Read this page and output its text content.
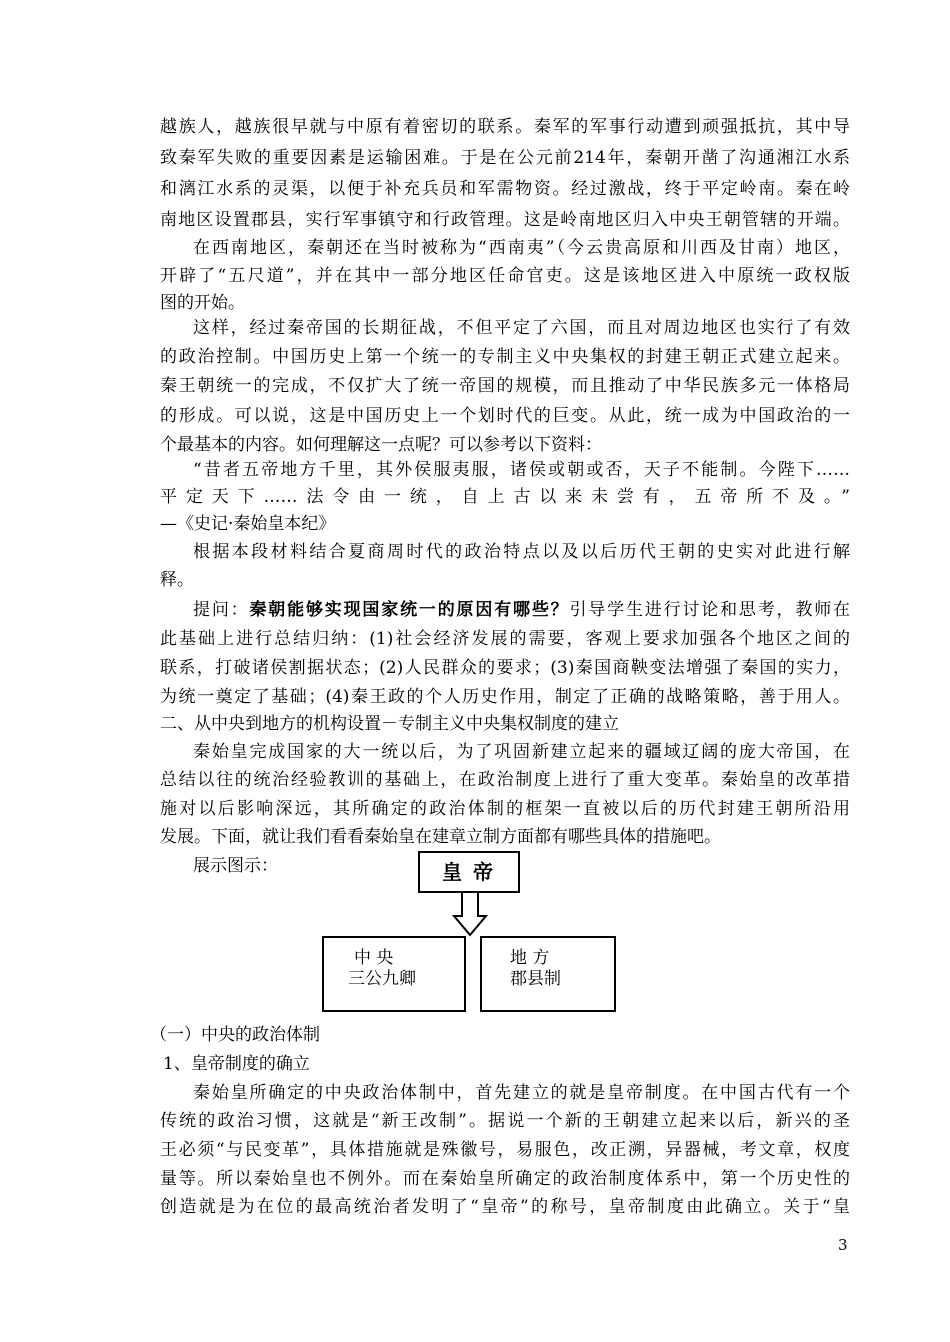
越族人，越族很早就与中原有着密切的联系。秦军的军事行动遭到顽强抵抗，其中导
致秦军失败的重要因素是运输困难。于是在公元前214年，秦朝开凿了沟通湘江水系
和漓江水系的灵渠，以便于补充兵员和军需物资。经过激战，终于平定岭南。秦在岭
南地区设置郡县，实行军事镇守和行政管理。这是岭南地区归入中央王朝管辖的开端。
在西南地区，秦朝还在当时被称为“西南夷”（今云贵高原和川西及甘南）地区，
开辟了“五尺道”，并在其中一部分地区任命官吏。这是该地区进入中原统一政权版
图的开始。
这样，经过秦帝国的长期征战，不但平定了六国，而且对周边地区也实行了有效
的政治控制。中国历史上第一个统一的专制主义中央集权的封建王朝正式建立起来。
秦王朝统一的完成，不仅扩大了统一帝国的规模，而且推动了中华民族多元一体格局
的形成。可以说，这是中国历史上一个划时代的巨变。从此，统一成为中国政治的一
个最基本的内容。如何理解这一点呢？可以参考以下资料：
“昔者五帝地方千里，其外侯服夷服，诸侯或朝或否，天子不能制。今陛下……
平定天下……法令由一统，自上古以来未尝有，五帝所不及。”
—《史记·秦始皇本纪》
根据本段材料结合夏商周时代的政治特点以及以后历代王朝的史实对此进行解
释。
提问：秦朝能够实现国家统一的原因有哪些？引导学生进行讨论和思考，教师在
此基础上进行总结归纳：(1)社会经济发展的需要，客观上要求加强各个地区之间的
联系，打破诸侯割据状态；(2)人民群众的要求；(3)秦国商鞅变法增强了秦国的实力，
为统一奠定了基础；(4)秦王政的个人历史作用，制定了正确的战略策略，善于用人。
二、从中央到地方的机构设置－专制主义中央集权制度的建立
秦始皇完成国家的大一统以后，为了巩固新建立起来的疆域辽阔的庞大帝国，在
总结以往的统治经验教训的基础上，在政治制度上进行了重大变革。秦始皇的改革措
施对以后影响深远，其所确定的政治体制的框架一直被以后的历代封建王朝所沿用
发展。下面，就让我们看看秦始皇在建章立制方面都有哪些具体的措施吧。
展示图示：	皇 帝
中 央
三公九卿
地 方
郡县制
（一）中央的政治体制
1、皇帝制度的确立
秦始皇所确定的中央政治体制中，首先建立的就是皇帝制度。在中国古代有一个
传统的政治习惯，这就是“新王改制”。据说一个新的王朝建立起来以后，新兴的圣
王必须“与民变革”，具体措施就是殊徽号，易服色，改正溯，异器械，考文章，权度
量等。所以秦始皇也不例外。而在秦始皇所确定的政治制度体系中，第一个历史性的
创造就是为在位的最高统治者发明了“皇帝”的称号，皇帝制度由此确立。关于“皇
3
